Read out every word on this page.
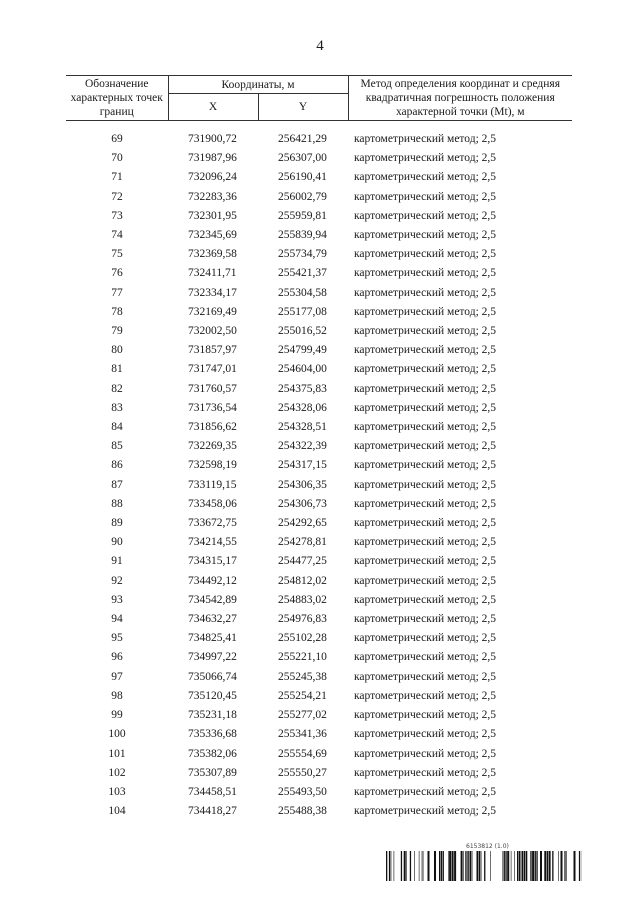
4
Обозначение характерных точек границ	Координаты, м		Метод определения координат и средняя квадратичная погрешность положения характерной точки (Mt), м
	X	Y	

69	731900,72	256421,29	картометрический метод; 2,5
70	731987,96	256307,00	картометрический метод; 2,5
71	732096,24	256190,41	картометрический метод; 2,5
72	732283,36	256002,79	картометрический метод; 2,5
73	732301,95	255959,81	картометрический метод; 2,5
74	732345,69	255839,94	картометрический метод; 2,5
75	732369,58	255734,79	картометрический метод; 2,5
76	732411,71	255421,37	картометрический метод; 2,5
77	732334,17	255304,58	картометрический метод; 2,5
78	732169,49	255177,08	картометрический метод; 2,5
79	732002,50	255016,52	картометрический метод; 2,5
80	731857,97	254799,49	картометрический метод; 2,5
81	731747,01	254604,00	картометрический метод; 2,5
82	731760,57	254375,83	картометрический метод; 2,5
83	731736,54	254328,06	картометрический метод; 2,5
84	731856,62	254328,51	картометрический метод; 2,5
85	732269,35	254322,39	картометрический метод; 2,5
86	732598,19	254317,15	картометрический метод; 2,5
87	733119,15	254306,35	картометрический метод; 2,5
88	733458,06	254306,73	картометрический метод; 2,5
89	733672,75	254292,65	картометрический метод; 2,5
90	734214,55	254278,81	картометрический метод; 2,5
91	734315,17	254477,25	картометрический метод; 2,5
92	734492,12	254812,02	картометрический метод; 2,5
93	734542,89	254883,02	картометрический метод; 2,5
94	734632,27	254976,83	картометрический метод; 2,5
95	734825,41	255102,28	картометрический метод; 2,5
96	734997,22	255221,10	картометрический метод; 2,5
97	735066,74	255245,38	картометрический метод; 2,5
98	735120,45	255254,21	картометрический метод; 2,5
99	735231,18	255277,02	картометрический метод; 2,5
100	735336,68	255341,36	картометрический метод; 2,5
101	735382,06	255554,69	картометрический метод; 2,5
102	735307,89	255550,27	картометрический метод; 2,5
103	734458,51	255493,50	картометрический метод; 2,5
104	734418,27	255488,38	картометрический метод; 2,5
6153812 (1.0)
